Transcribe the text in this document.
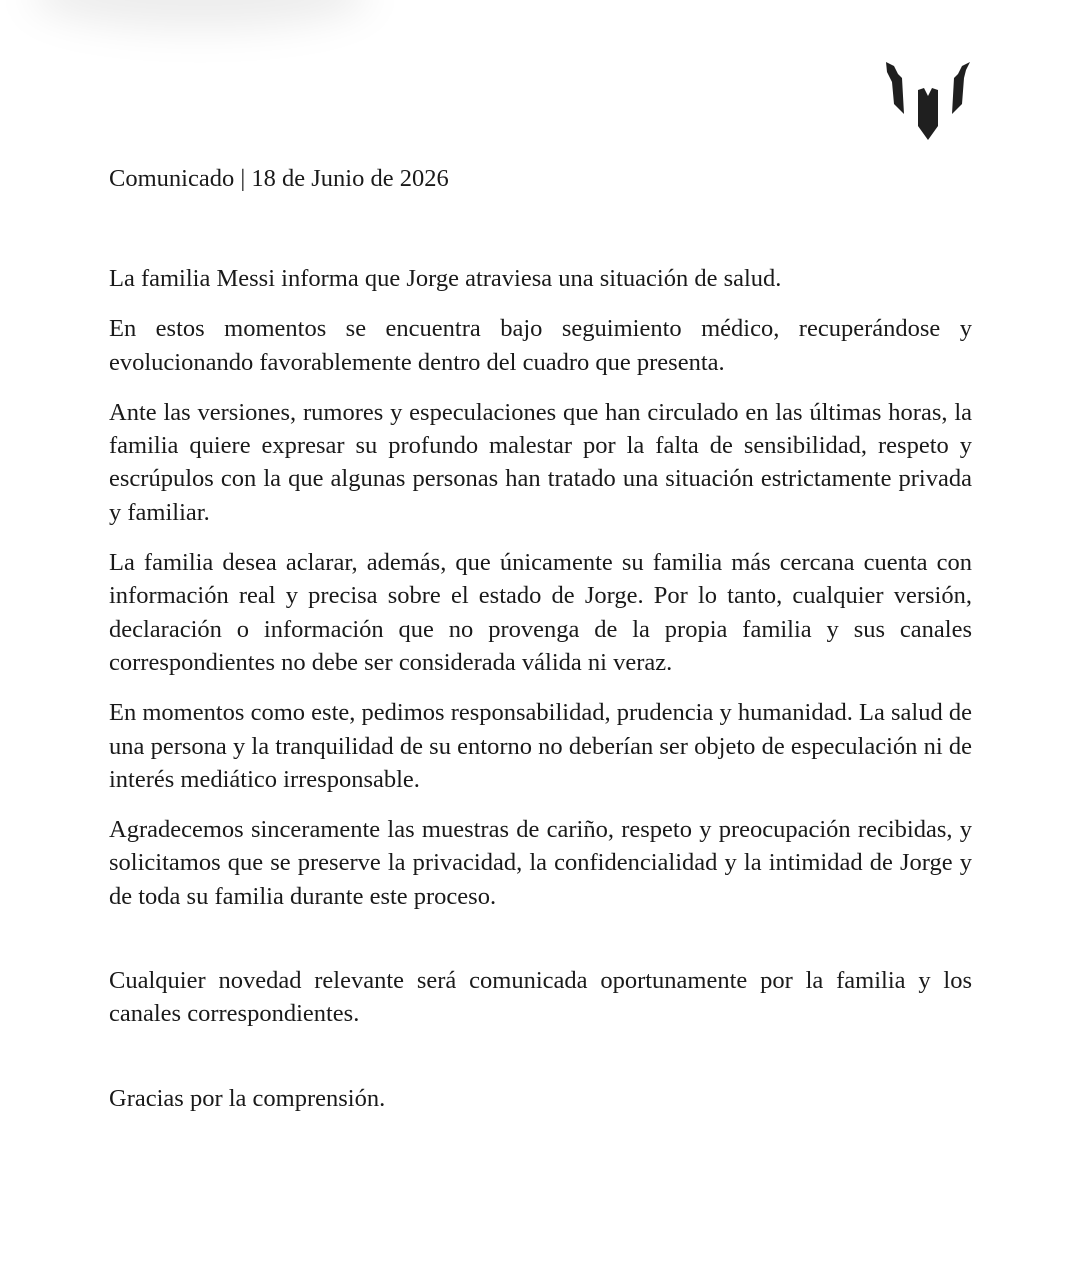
Comunicado | 18 de Junio de 2026

La familia Messi informa que Jorge atraviesa una situación de salud.

En estos momentos se encuentra bajo seguimiento médico, recuperándose y evolucionando favorablemente dentro del cuadro que presenta.

Ante las versiones, rumores y especulaciones que han circulado en las últimas horas, la familia quiere expresar su profundo malestar por la falta de sensibilidad, respeto y escrúpulos con la que algunas personas han tratado una situación estrictamente privada y familiar.

La familia desea aclarar, además, que únicamente su familia más cercana cuenta con información real y precisa sobre el estado de Jorge. Por lo tanto, cualquier versión, declaración o información que no provenga de la propia familia y sus canales correspondientes no debe ser considerada válida ni veraz.

En momentos como este, pedimos responsabilidad, prudencia y humanidad. La salud de una persona y la tranquilidad de su entorno no deberían ser objeto de especulación ni de interés mediático irresponsable.

Agradecemos sinceramente las muestras de cariño, respeto y preocupación recibidas, y solicitamos que se preserve la privacidad, la confidencialidad y la intimidad de Jorge y de toda su familia durante este proceso.

Cualquier novedad relevante será comunicada oportunamente por la familia y los canales correspondientes.

Gracias por la comprensión.
